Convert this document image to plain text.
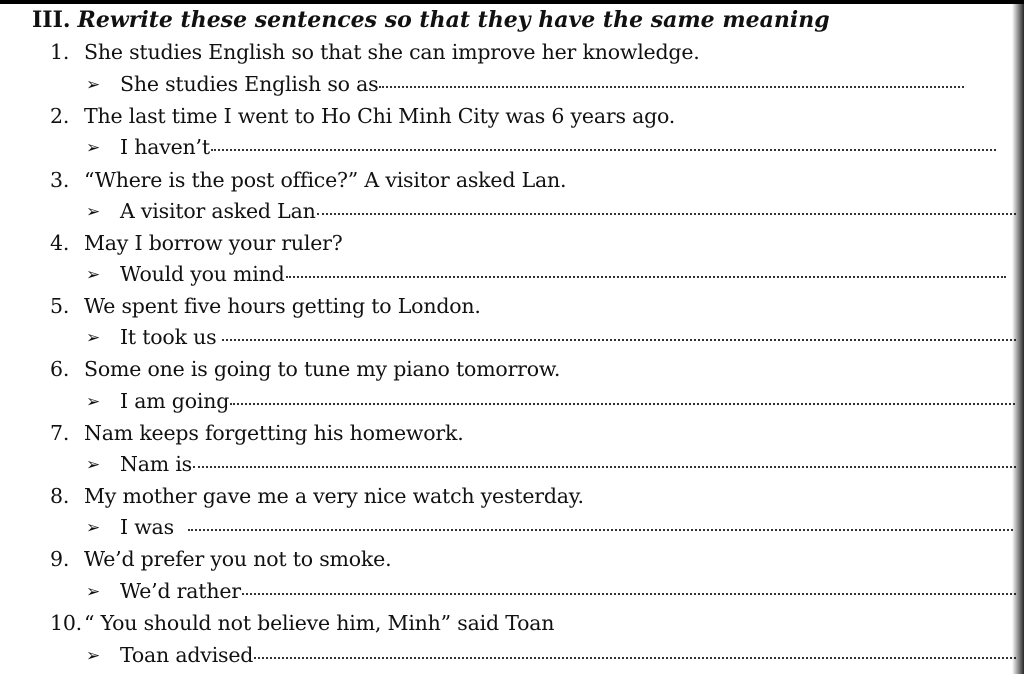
III. Rewrite these sentences so that they have the same meaning
1. She studies English so that she can improve her knowledge.
➢ She studies English so as
2. The last time I went to Ho Chi Minh City was 6 years ago.
➢ I haven’t
3. “Where is the post office?” A visitor asked Lan.
➢ A visitor asked Lan
4. May I borrow your ruler?
➢ Would you mind
5. We spent five hours getting to London.
➢ It took us
6. Some one is going to tune my piano tomorrow.
➢ I am going
7. Nam keeps forgetting his homework.
➢ Nam is
8. My mother gave me a very nice watch yesterday.
➢ I was
9. We’d prefer you not to smoke.
➢ We’d rather
10.“ You should not believe him, Minh” said Toan
➢ Toan advised
